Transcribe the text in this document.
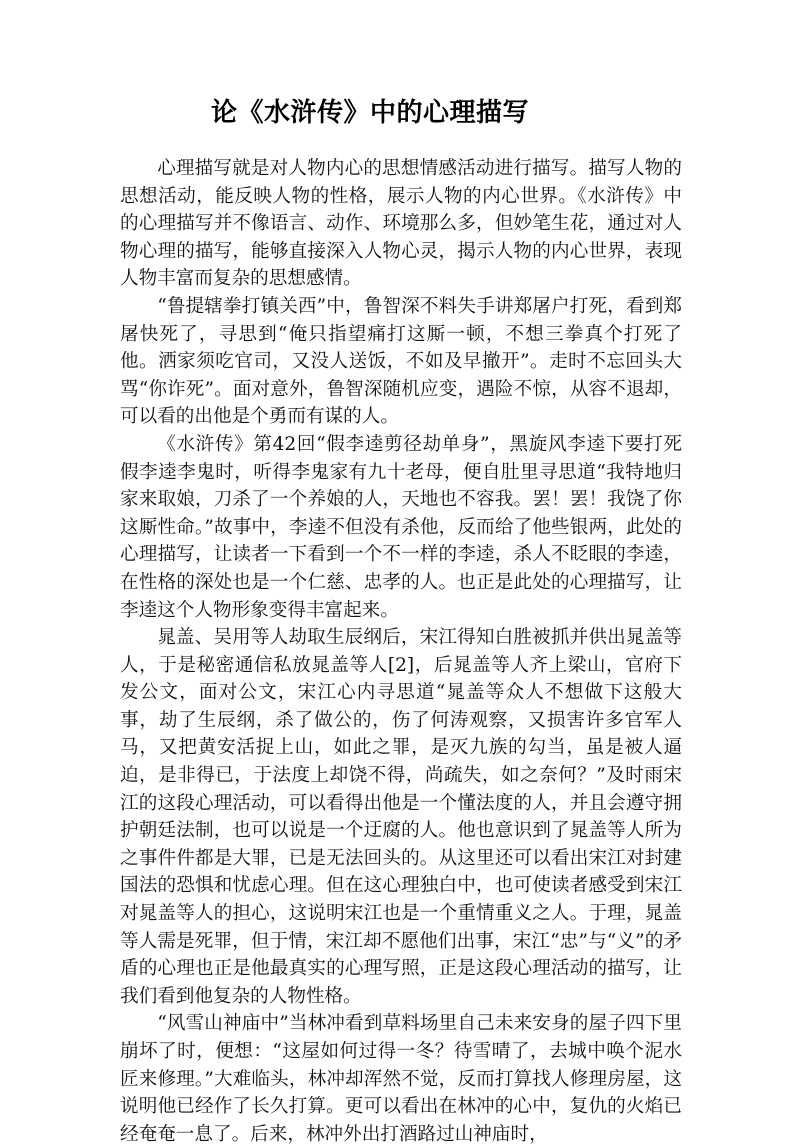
论《水浒传》中的心理描写

心理描写就是对人物内心的思想情感活动进行描写。描写人物的思想活动，能反映人物的性格，展示人物的内心世界。《水浒传》中的心理描写并不像语言、动作、环境那么多，但妙笔生花，通过对人物心理的描写，能够直接深入人物心灵，揭示人物的内心世界，表现人物丰富而复杂的思想感情。

“鲁提辖拳打镇关西”中，鲁智深不料失手讲郑屠户打死，看到郑屠快死了，寻思到“俺只指望痛打这厮一顿，不想三拳真个打死了他。洒家须吃官司，又没人送饭，不如及早撤开”。走时不忘回头大骂“你诈死”。面对意外，鲁智深随机应变，遇险不惊，从容不退却，可以看的出他是个勇而有谋的人。

《水浒传》第42回“假李逵剪径劫单身”，黑旋风李逵下要打死假李逵李鬼时，听得李鬼家有九十老母，便自肚里寻思道“我特地归家来取娘，刀杀了一个养娘的人，天地也不容我。罢！罢！我饶了你这厮性命。”故事中，李逵不但没有杀他，反而给了他些银两，此处的心理描写，让读者一下看到一个不一样的李逵，杀人不眨眼的李逵，在性格的深处也是一个仁慈、忠孝的人。也正是此处的心理描写，让李逵这个人物形象变得丰富起来。

晁盖、吴用等人劫取生辰纲后，宋江得知白胜被抓并供出晁盖等人，于是秘密通信私放晁盖等人[2]，后晁盖等人齐上梁山，官府下发公文，面对公文，宋江心内寻思道“晁盖等众人不想做下这般大事，劫了生辰纲，杀了做公的，伤了何涛观察，又损害许多官军人马，又把黄安活捉上山，如此之罪，是灭九族的勾当，虽是被人逼迫，是非得已，于法度上却饶不得，尚疏失，如之奈何？”及时雨宋江的这段心理活动，可以看得出他是一个懂法度的人，并且会遵守拥护朝廷法制，也可以说是一个迂腐的人。他也意识到了晁盖等人所为之事件件都是大罪，已是无法回头的。从这里还可以看出宋江对封建国法的恐惧和忧虑心理。但在这心理独白中，也可使读者感受到宋江对晁盖等人的担心，这说明宋江也是一个重情重义之人。于理，晁盖等人需是死罪，但于情，宋江却不愿他们出事，宋江“忠”与“义”的矛盾的心理也正是他最真实的心理写照，正是这段心理活动的描写，让我们看到他复杂的人物性格。

“风雪山神庙中”当林冲看到草料场里自己未来安身的屋子四下里崩坏了时，便想：“这屋如何过得一冬？待雪晴了，去城中唤个泥水匠来修理。”大难临头，林冲却浑然不觉，反而打算找人修理房屋，这说明他已经作了长久打算。更可以看出在林冲的心中，复仇的火焰已经奄奄一息了。后来，林冲外出打酒路过山神庙时，
